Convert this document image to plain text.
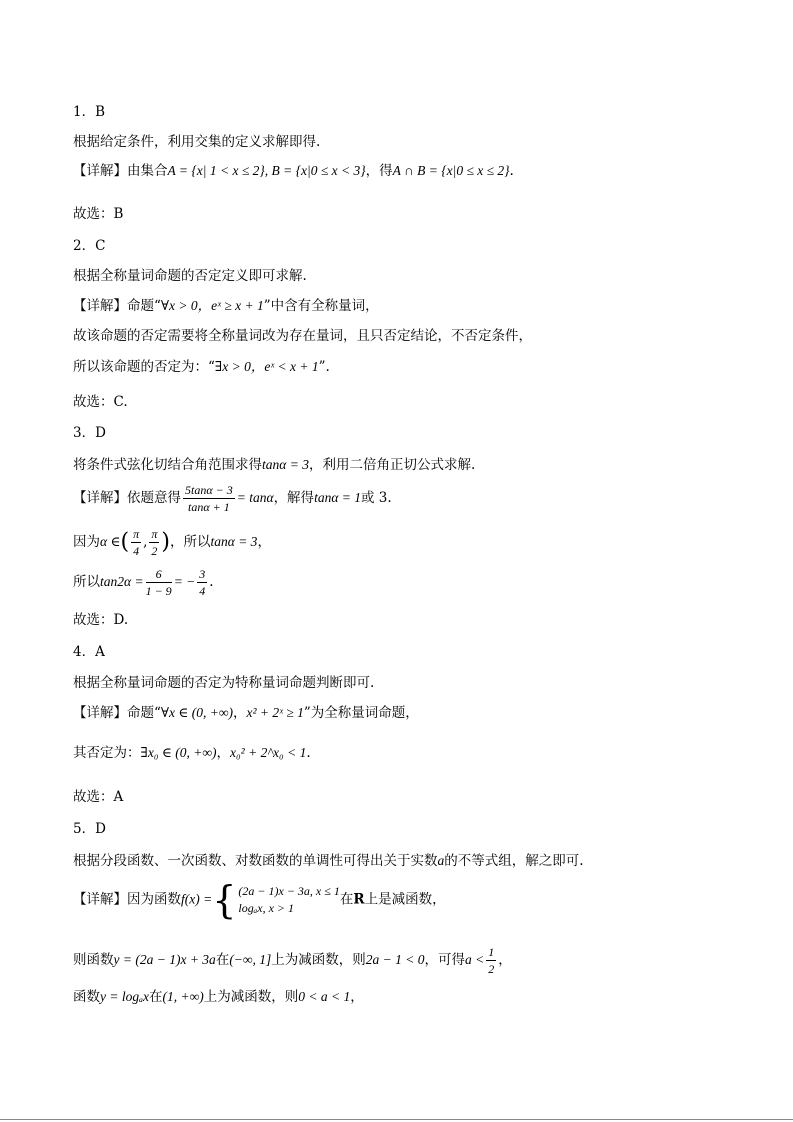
1．B
根据给定条件，利用交集的定义求解即得.
【详解】由集合A = {x| 1 < x ≤ 2}, B = {x|0 ≤ x < 3}，得A ∩ B = {x|0 ≤ x ≤ 2}.
故选：B
2．C
根据全称量词命题的否定定义即可求解.
【详解】命题“∀x > 0，eˣ ≥ x + 1”中含有全称量词，
故该命题的否定需要将全称量词改为存在量词，且只否定结论，不否定条件，
所以该命题的否定为：“∃x > 0，eˣ < x + 1”.
故选：C.
3．D
将条件式弦化切结合角范围求得tanα = 3，利用二倍角正切公式求解.
【详解】依题意得 $\frac{5\tan\alpha - 3}{\tan\alpha + 1} = \tan\alpha$，解得tanα = 1或 3.
因为α ∈( $\frac{\pi}{4}$ , $\frac{\pi}{2}$ )，所以tanα = 3，
所以$\tan 2\alpha = \frac{6}{1 - 9}$ = − $\frac{3}{4}$ .
故选：D.
4．A
根据全称量词命题的否定为特称量词命题判断即可.
【详解】命题“∀x ∈ (0, +∞)，x² + 2ˣ ≥ 1”为全称量词命题，
其否定为：∃x₀ ∈ (0, +∞)，x₀² + 2^x₀ < 1.
故选：A
5．D
根据分段函数、一次函数、对数函数的单调性可得出关于实数a的不等式组，解之即可.
【详解】因为函数f(x) ={ (2a − 1)x − 3a, x ≤ 1
logₐx, x > 1
在R上是减函数，
则函数y = (2a − 1)x + 3a在(−∞, 1]上为减函数，则2a − 1 < 0，可得$a < \frac{1}{2}$ ，
函数y = logₐx在(1, +∞)上为减函数，则0 < a < 1，
